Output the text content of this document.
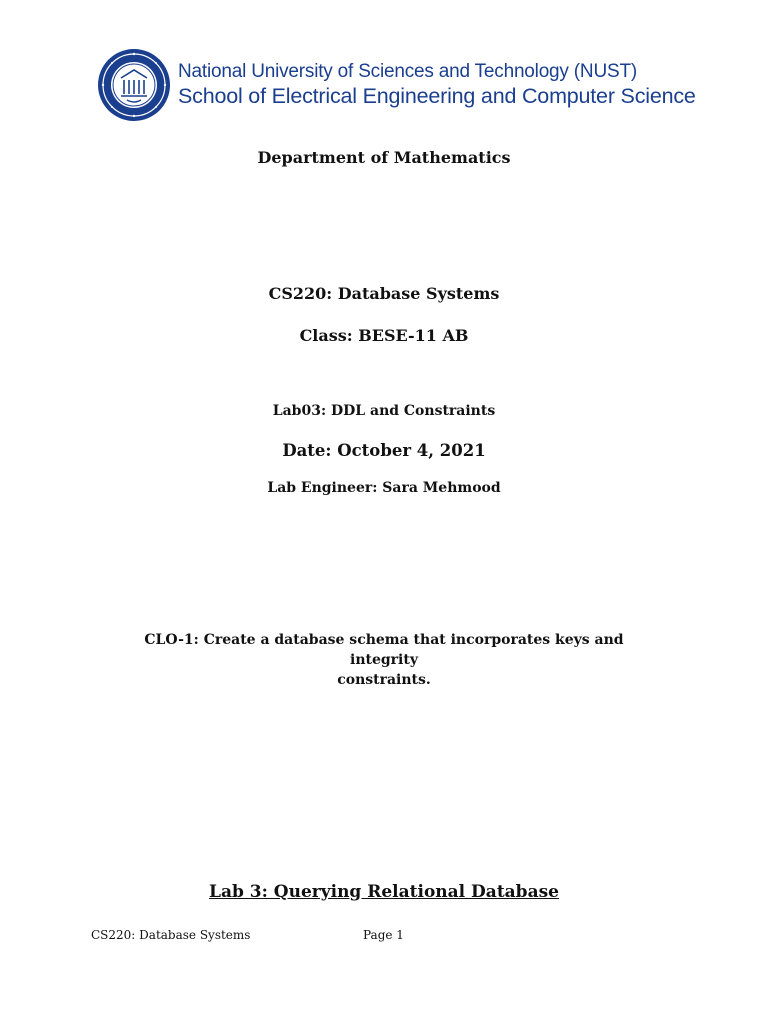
National University of Sciences and Technology (NUST)
School of Electrical Engineering and Computer Science
Department of Mathematics
CS220: Database Systems
Class: BESE-11 AB
Lab03: DDL and Constraints
Date: October 4, 2021
Lab Engineer: Sara Mehmood
CLO-1: Create a database schema that incorporates keys and integrity
constraints.
Lab 3: Querying Relational Database
CS220: Database Systems	Page 1
